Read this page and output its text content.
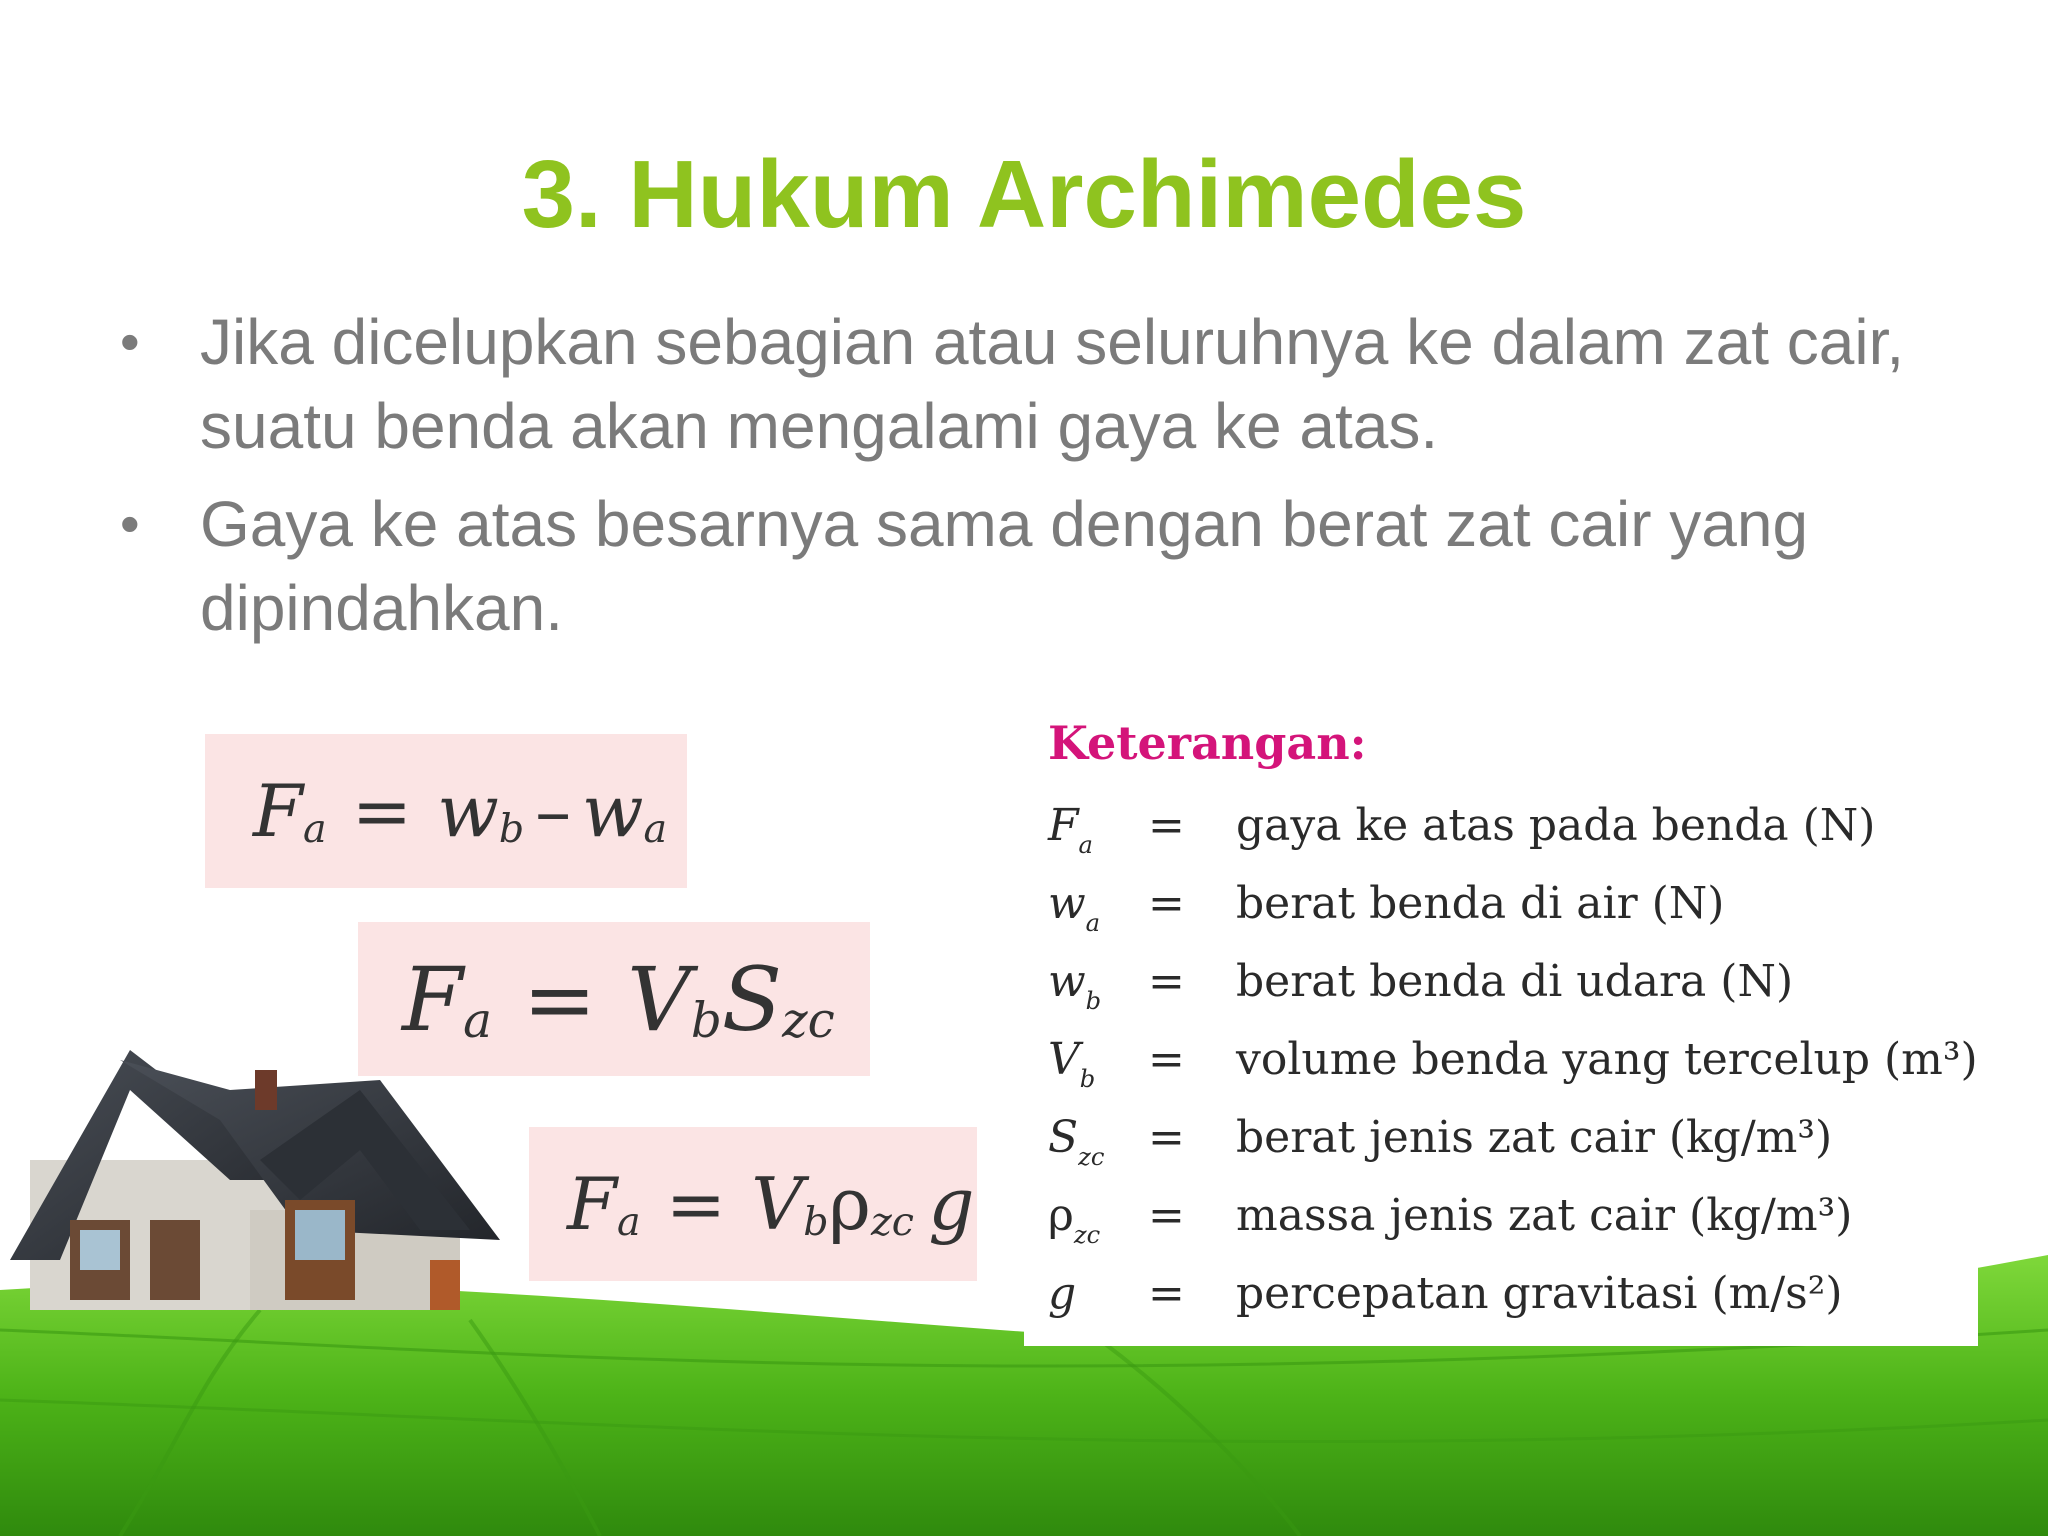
3. Hukum Archimedes
• Jika dicelupkan sebagian atau seluruhnya ke dalam zat cair, suatu benda akan mengalami gaya ke atas.
• Gaya ke atas besarnya sama dengan berat zat cair yang dipindahkan.
F a = w b – w a
F a = V b S zc
F a = V b ρ zc g
Keterangan:
$F_a$	= gaya ke atas pada benda (N)
$w_a$	= berat benda di air (N)
$w_b$	= berat benda di udara (N)
$V_b$	= volume benda yang tercelup (m³)
$S_{zc}$ = berat jenis zat cair (kg/m³)
$\rho_{zc}$	= massa jenis zat cair (kg/m³)
g	= percepatan gravitasi (m/s²)
